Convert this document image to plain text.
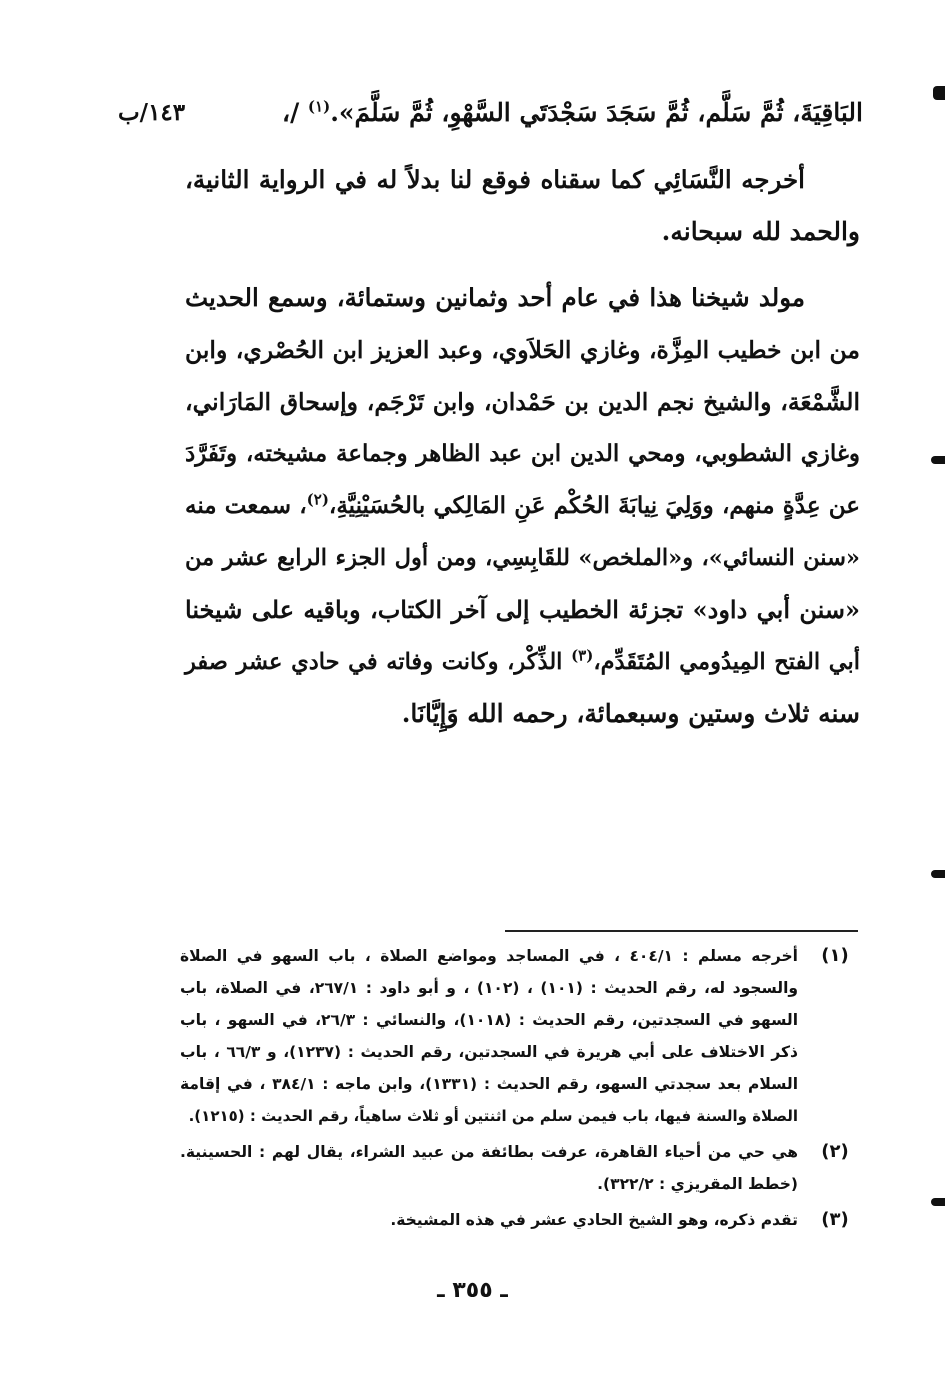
البَاقِيَةَ، ثُمَّ سَلَّم، ثُمَّ سَجَدَ سَجْدَتَي السَّهْوِ، ثُمَّ سَلَّمَ».$^{(١)}$ /،
١٤٣/ب
أخرجه النَّسَائِي كما سقناه فوقع لنا بدلاً له في الرواية الثانية،
والحمد لله سبحانه.
مولد شيخنا هذا في عام أحد وثمانين وستمائة، وسمع الحديث
من ابن خطيب المِزَّة، وغازي الحَلاَوي، وعبد العزيز ابن الحُصْري، وابن
الشَّمْعَة، والشيخ نجم الدين بن حَمْدان، وابن تَرْجَم، وإسحاق المَارَاني،
وغازي الشطوبي، ومحي الدين ابن عبد الظاهر وجماعة مشيخته، وتَفَرَّدَ
عن عِدَّةٍ منهم، ووَلِيَ نِيابَةَ الحُكْم عَنِ المَالِكي بالحُسَيْنِيَّةِ،$^{(٢)}$، سمعت منه
«سنن النسائي»، و«الملخص» للقَابِسِي، ومن أول الجزء الرابع عشر من
«سنن أبي داود» تجزئة الخطيب إلى آخر الكتاب، وباقيه على شيخنا
أبي الفتح المِيدُومي المُتَقَدِّم،$^{(٣)}$ الذِّكْر، وكانت وفاته في حادي عشر صفر
سنه ثلاث وستين وسبعمائة، رحمه الله وَإِيَّانَا.
(١)
أخرجه مسلم : ٤٠٤/١ ، في المساجد ومواضع الصلاة ، باب السهو في الصلاة
والسجود له، رقم الحديث : (١٠١) ، (١٠٢) ، و أبو داود : ٢٦٧/١، في الصلاة، باب
السهو في السجدتين، رقم الحديث : (١٠١٨)، والنسائي : ٢٦/٣، في السهو ، باب
ذكر الاختلاف على أبي هريرة في السجدتين، رقم الحديث : (١٢٣٧)، و ٦٦/٣ ، باب
السلام بعد سجدتي السهو، رقم الحديث : (١٣٣١)، وابن ماجه : ٣٨٤/١ ، في إقامة
الصلاة والسنة فيها، باب فيمن سلم من اثنتين أو ثلاث ساهياً، رقم الحديث : (١٢١٥).
(٢)
هي حي من أحياء القاهرة، عرفت بطائفة من عبيد الشراء، يقال لهم : الحسينية.
(خطط المقريزي : ٣٢٢/٢).
(٣)
تقدم ذكره، وهو الشيخ الحادي عشر في هذه المشيخة.
ـ ٣٥٥ ـ
